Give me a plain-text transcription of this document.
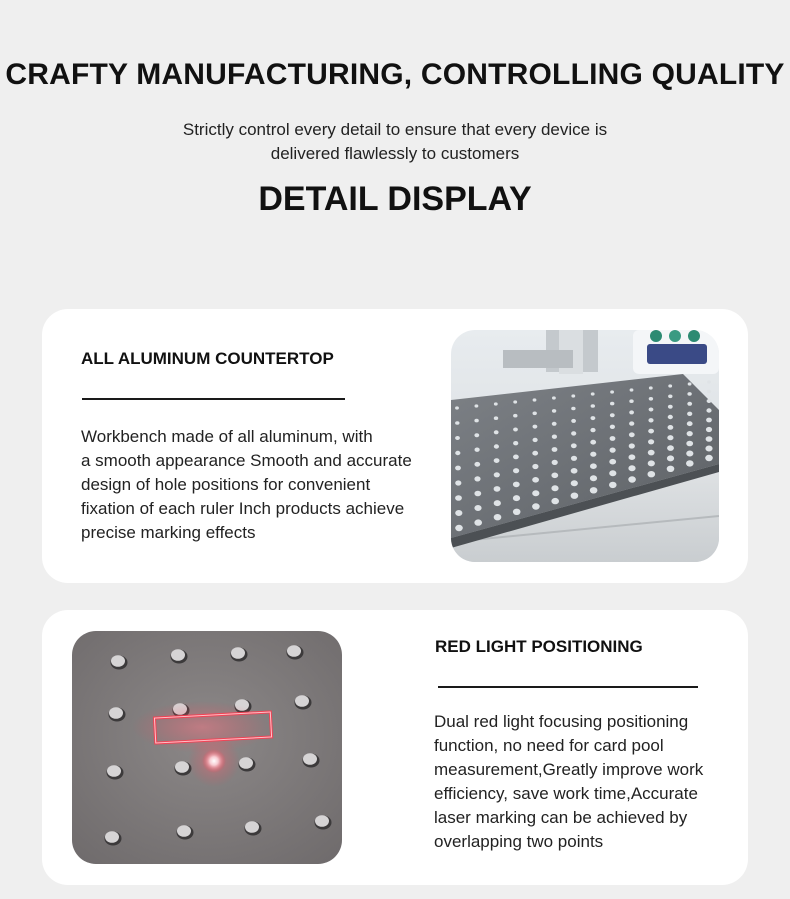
CRAFTY MANUFACTURING, CONTROLLING QUALITY
Strictly control every detail to ensure that every device is
delivered flawlessly to customers
DETAIL DISPLAY
ALL ALUMINUM COUNTERTOP
Workbench made of all aluminum, with
a smooth appearance Smooth and accurate
design of hole positions for convenient
fixation of each ruler Inch products achieve
precise marking effects
RED LIGHT POSITIONING
Dual red light focusing positioning
function, no need for card pool
measurement,Greatly improve work
efficiency, save work time,Accurate
laser marking can be achieved by
overlapping two points
